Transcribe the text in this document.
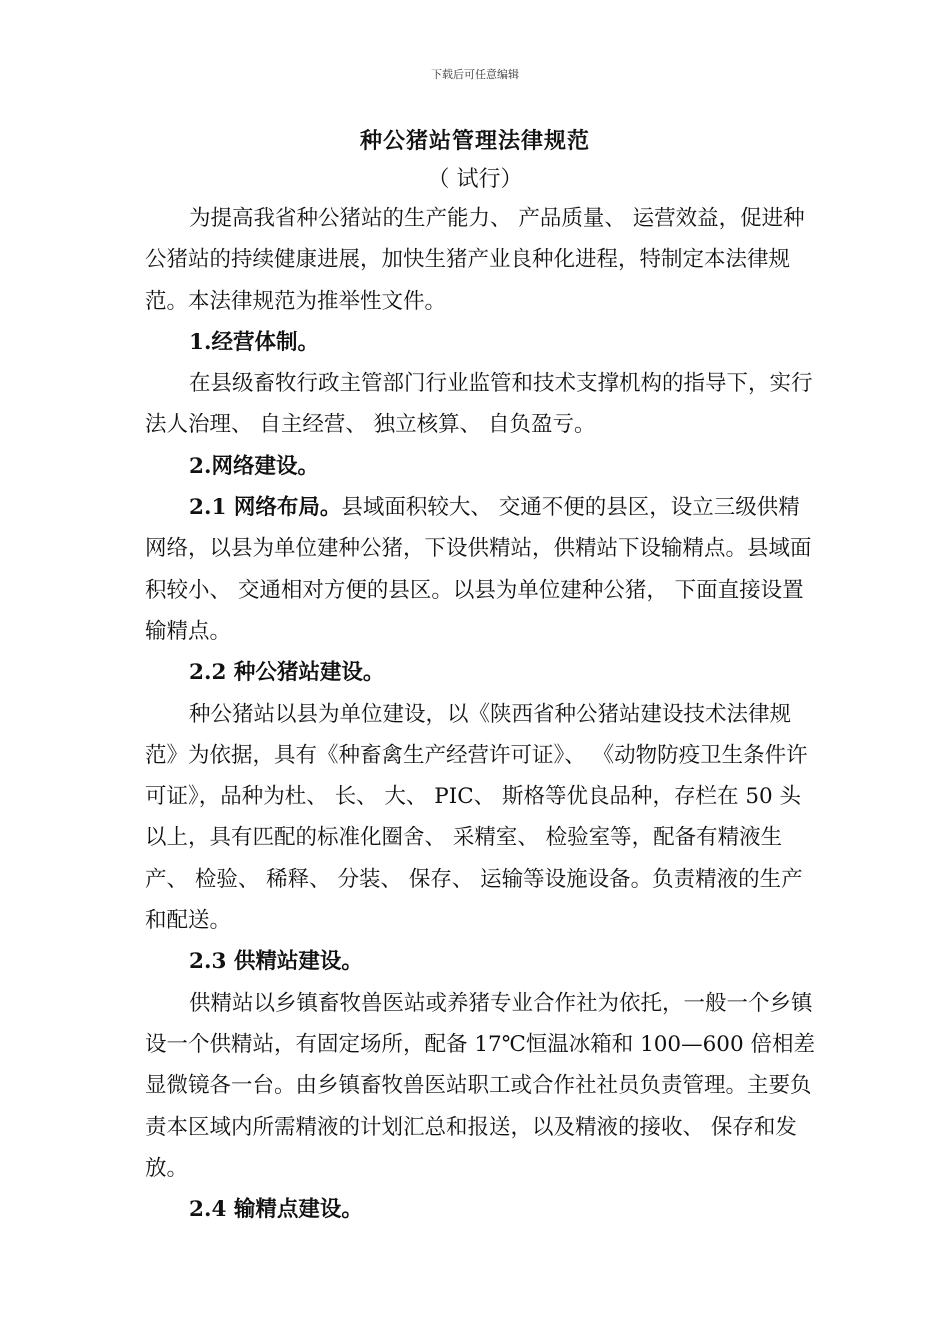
下载后可任意编辑
种公猪站管理法律规范
（ 试行）

为提高我省种公猪站的生产能力、 产品质量、 运营效益，促进种公猪站的持续健康进展，加快生猪产业良种化进程，特制定本法律规范。本法律规范为推举性文件。

1.经营体制。

在县级畜牧行政主管部门行业监管和技术支撑机构的指导下，实行法人治理、 自主经营、 独立核算、 自负盈亏。

2.网络建设。

2.1 网络布局。县域面积较大、 交通不便的县区，设立三级供精网络，以县为单位建种公猪，下设供精站，供精站下设输精点。县域面积较小、 交通相对方便的县区。以县为单位建种公猪， 下面直接设置输精点。

2.2 种公猪站建设。

种公猪站以县为单位建设，以《陕西省种公猪站建设技术法律规范》为依据，具有《种畜禽生产经营许可证》、 《动物防疫卫生条件许可证》，品种为杜、 长、 大、 PIC、 斯格等优良品种，存栏在 50 头以上，具有匹配的标准化圈舍、 采精室、 检验室等，配备有精液生产、 检验、 稀释、 分装、 保存、 运输等设施设备。负责精液的生产和配送。

2.3 供精站建设。

供精站以乡镇畜牧兽医站或养猪专业合作社为依托，一般一个乡镇设一个供精站，有固定场所，配备 17℃恒温冰箱和 100—600 倍相差显微镜各一台。由乡镇畜牧兽医站职工或合作社社员负责管理。主要负责本区域内所需精液的计划汇总和报送，以及精液的接收、 保存和发放。

2.4 输精点建设。
